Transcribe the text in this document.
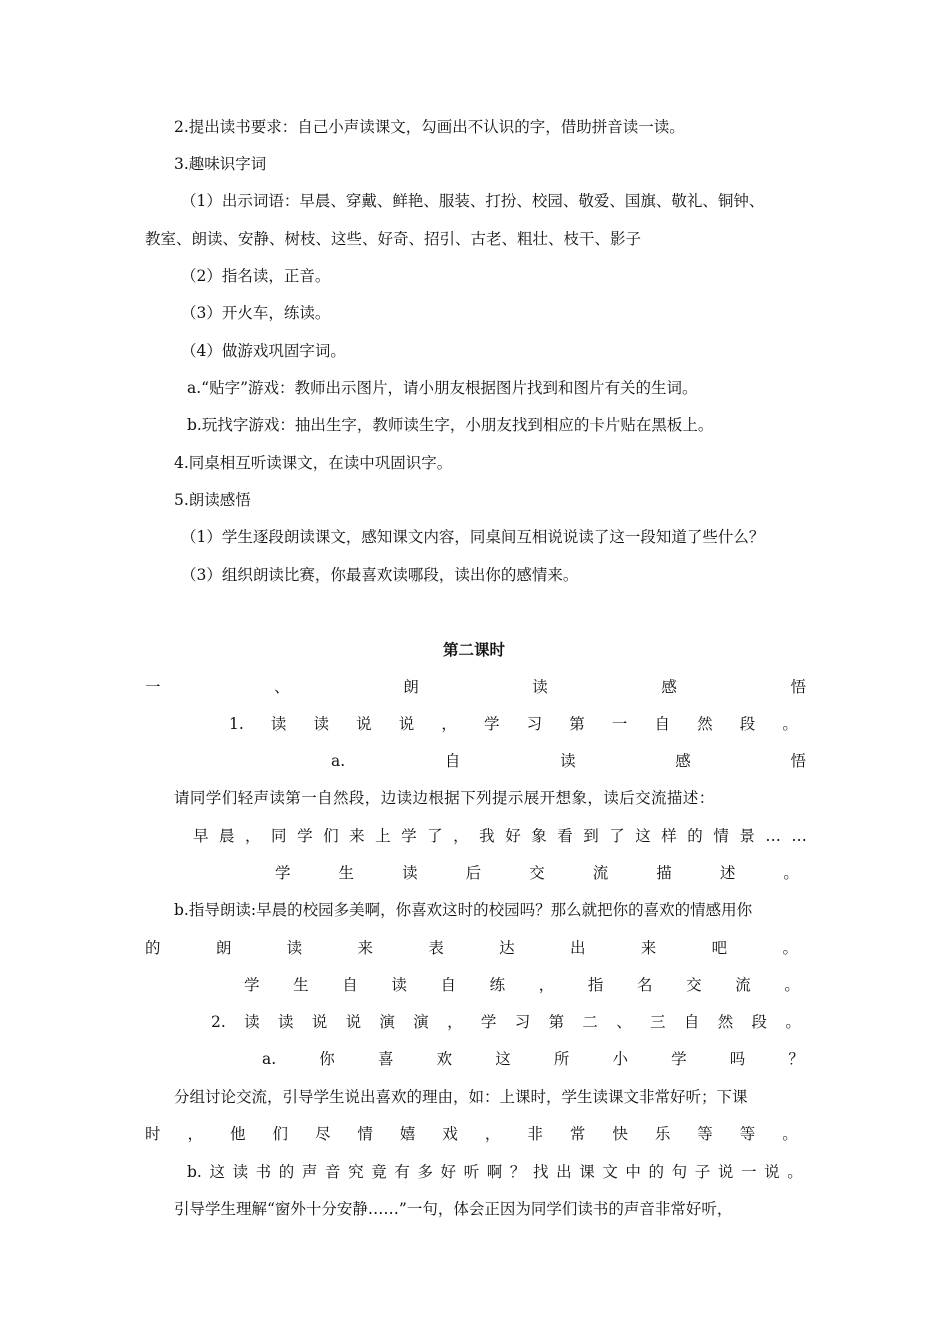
2.提出读书要求：自己小声读课文，勾画出不认识的字，借助拼音读一读。

3.趣味识字词

（1）出示词语：早晨、穿戴、鲜艳、服装、打扮、校园、敬爱、国旗、敬礼、铜钟、

教室、朗读、安静、树枝、这些、好奇、招引、古老、粗壮、枝干、影子

（2）指名读，正音。

（3）开火车，练读。

（4）做游戏巩固字词。

a.“贴字”游戏：教师出示图片，请小朋友根据图片找到和图片有关的生词。

b.玩找字游戏：抽出生字，教师读生字，小朋友找到相应的卡片贴在黑板上。

4.同桌相互听读课文，在读中巩固识字。

5.朗读感悟

（1）学生逐段朗读课文，感知课文内容，同桌间互相说说读了这一段知道了些什么？

（3）组织朗读比赛，你最喜欢读哪段，读出你的感情来。

第二课时

一	、	朗	读	感	悟
1. 读 读 说 说 ， 学 习 第 一 自 然 段 。
a.	自	读	感	悟

请同学们轻声读第一自然段，边读边根据下列提示展开想象，读后交流描述：

早 晨 ， 同 学 们 来 上 学 了 ， 我 好 象 看 到 了 这 样 的 情 景 … …
学	生	读	后	交	流	描	述	。

b.指导朗读:早晨的校园多美啊，你喜欢这时的校园吗？那么就把你的喜欢的情感用你

的	朗	读	来	表	达	出	来	吧	。
学 生 自 读 自 练 ， 指 名 交 流 。
2. 读 读 说 说 演 演 ， 学 习 第 二 、 三 自 然 段 。
a.	你	喜	欢	这	所	小	学	吗	？

分组讨论交流，引导学生说出喜欢的理由，如：上课时，学生读课文非常好听；下课

时 ， 他 们 尽 情 嬉 戏 ， 非 常 快 乐 等 等 。
b. 这 读 书 的 声 音 究 竟 有 多 好 听 啊 ？ 找 出 课 文 中 的 句 子 说 一 说 。

引导学生理解“窗外十分安静……”一句，体会正因为同学们读书的声音非常好听，
